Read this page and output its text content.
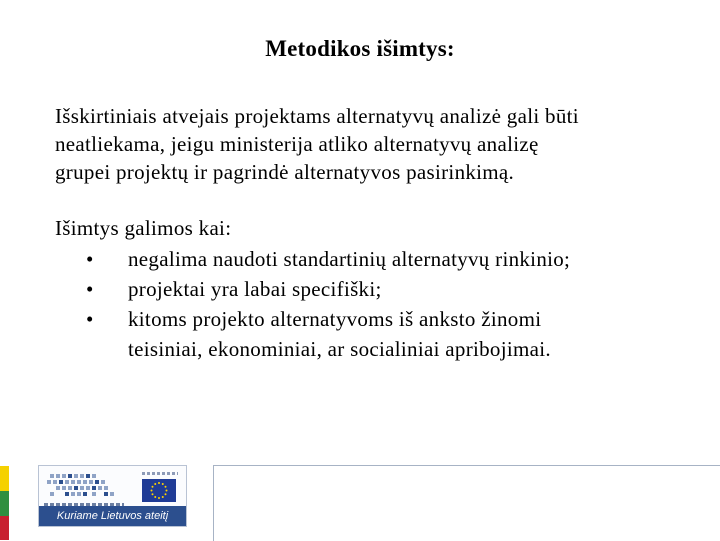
Metodikos išimtys:
Išskirtiniais atvejais projektams alternatyvų analizė gali būti
neatliekama, jeigu ministerija atliko alternatyvų analizę
grupei projektų ir pagrindė alternatyvos pasirinkimą.
Išimtys galimos kai:
• negalima naudoti standartinių alternatyvų rinkinio;
• projektai yra labai specifiški;
• kitoms projekto alternatyvoms iš anksto žinomi
teisiniai, ekonominiai, ar socialiniai apribojimai.
Kuriame Lietuvos ateitį
